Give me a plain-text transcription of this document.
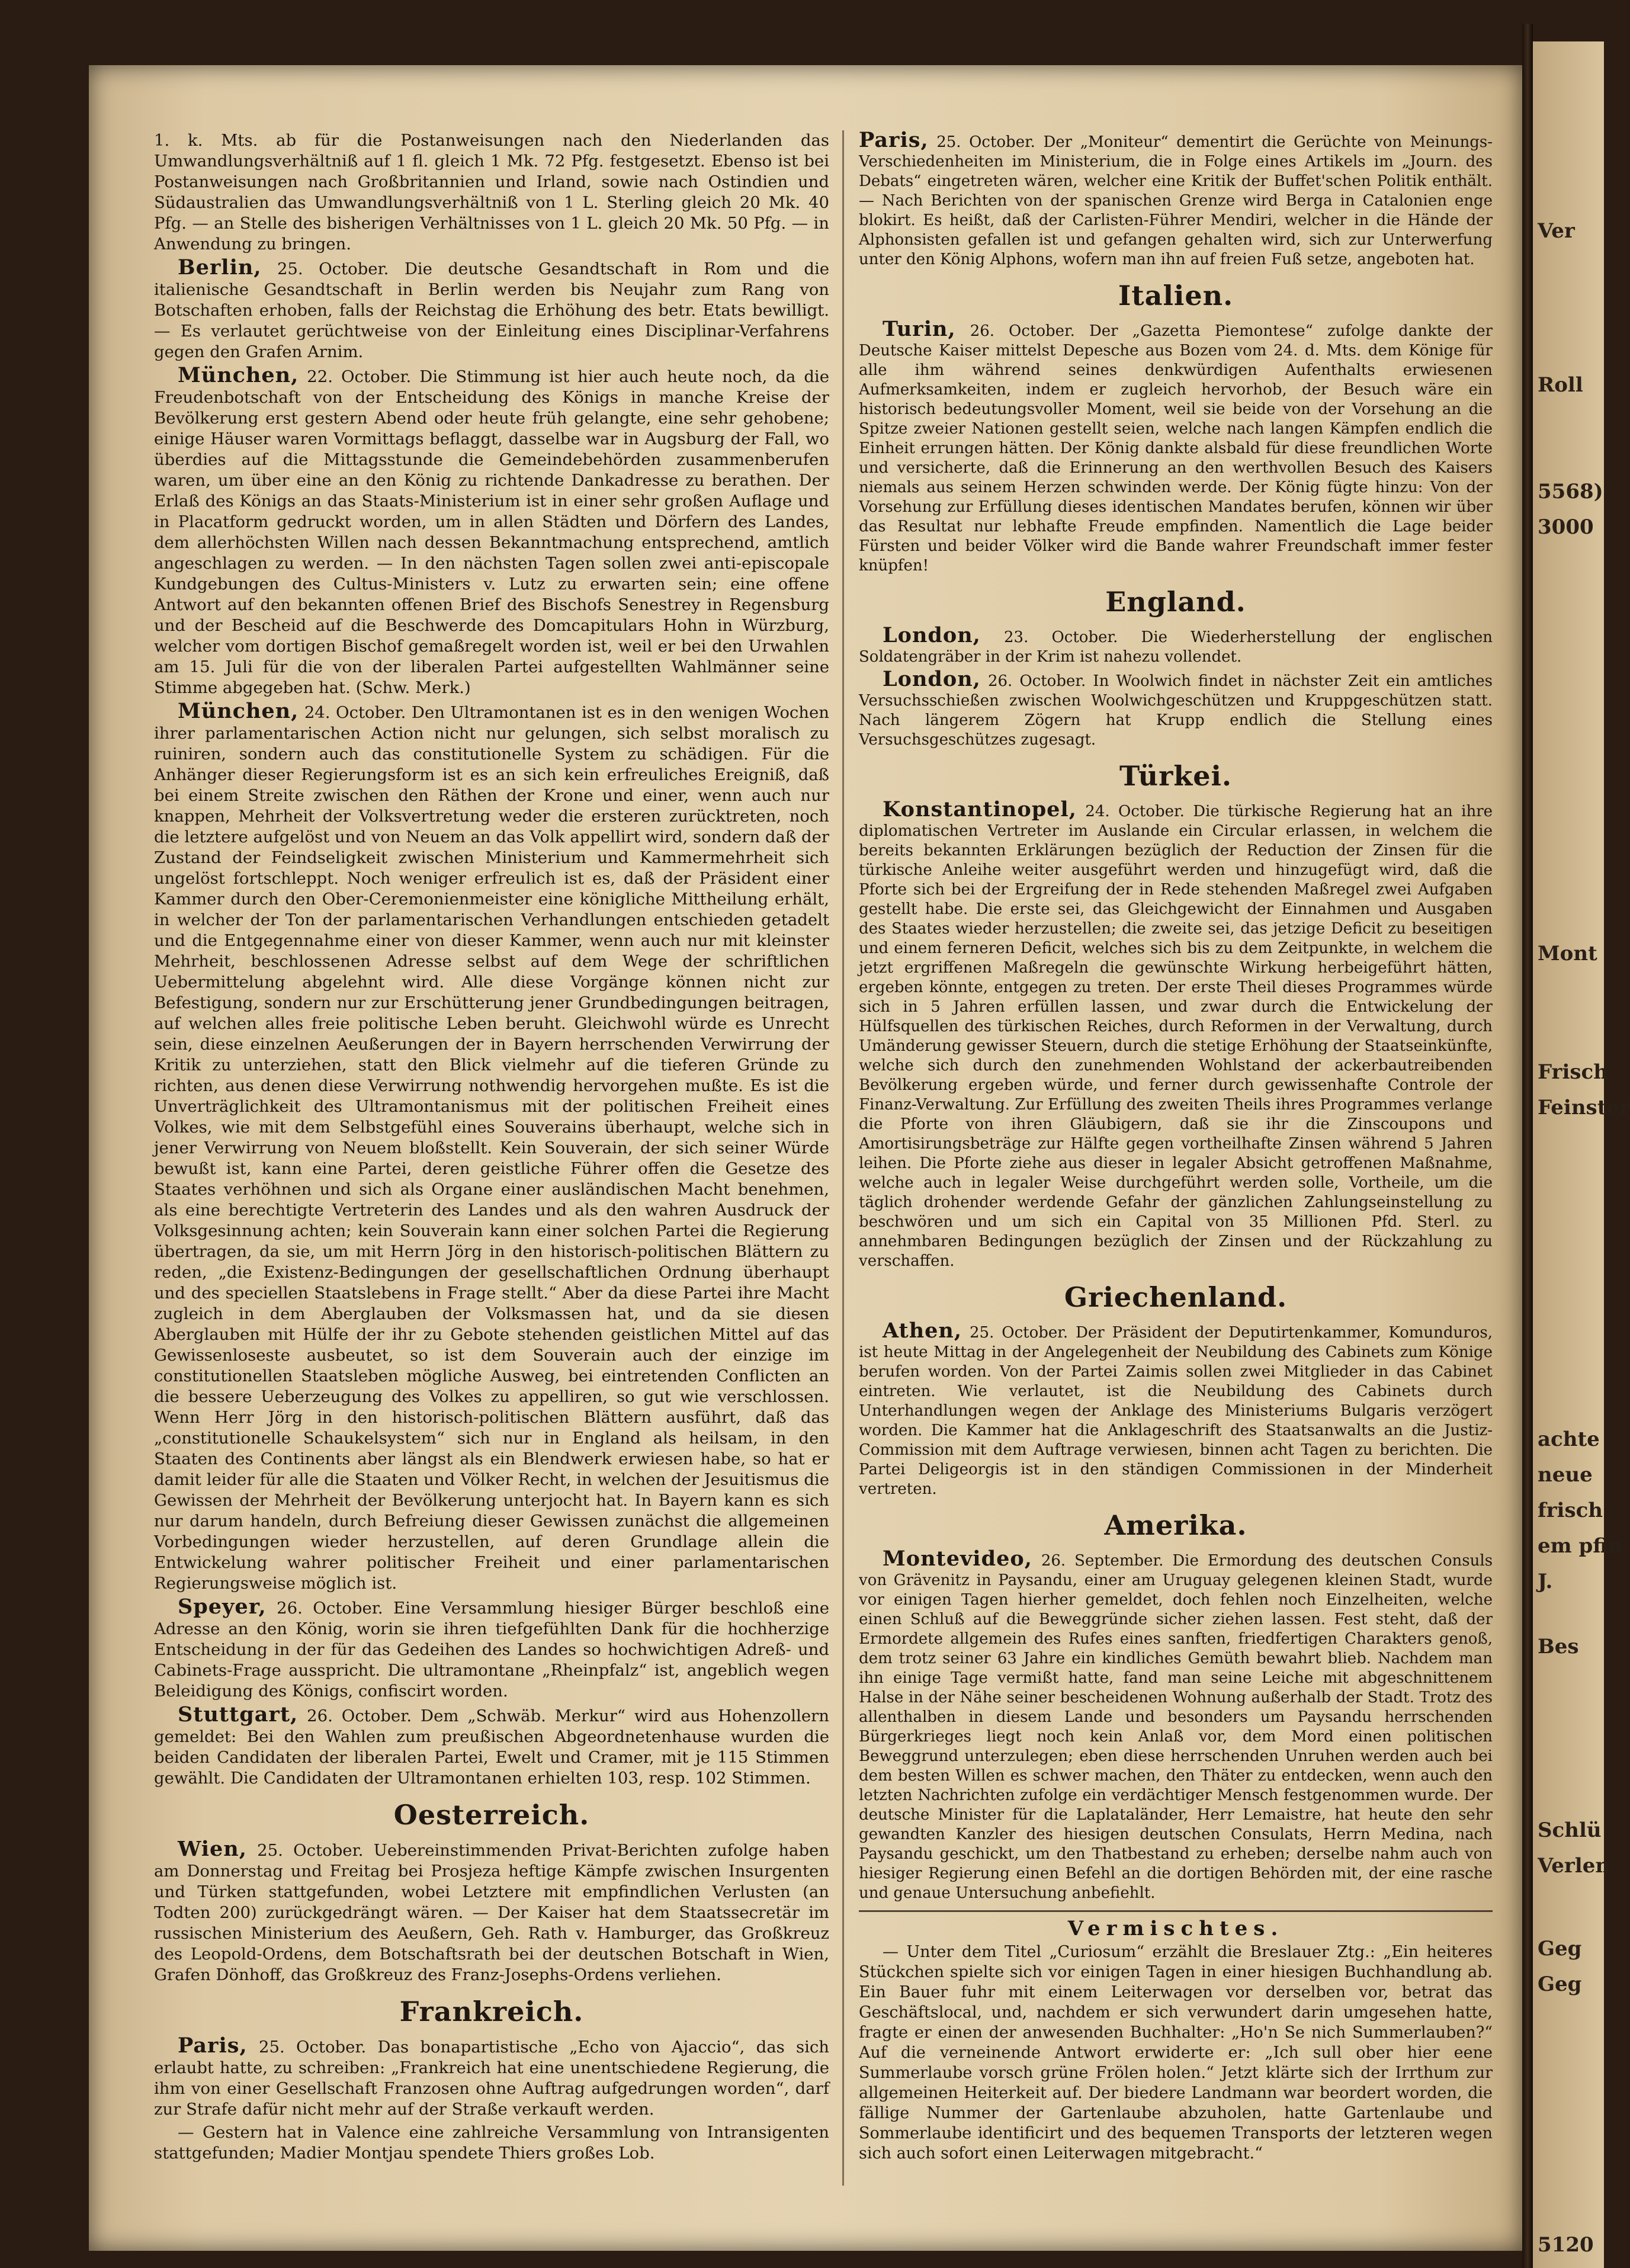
1. k. Mts. ab für die Postanweisungen nach den Niederlanden das Umwandlungsverhältniß auf 1 fl. gleich 1 Mk. 72 Pfg. festgesetzt. Ebenso ist bei Postanweisungen nach Großbritannien und Irland, sowie nach Ostindien und Südaustralien das Umwandlungsverhältniß von 1 L. Sterling gleich 20 Mk. 40 Pfg. — an Stelle des bisherigen Verhältnisses von 1 L. gleich 20 Mk. 50 Pfg. — in Anwendung zu bringen.

Berlin, 25. October. Die deutsche Gesandtschaft in Rom und die italienische Gesandtschaft in Berlin werden bis Neujahr zum Rang von Botschaften erhoben, falls der Reichstag die Erhöhung des betr. Etats bewilligt. — Es verlautet gerüchtweise von der Einleitung eines Disciplinar-Verfahrens gegen den Grafen Arnim.

München, 22. October. Die Stimmung ist hier auch heute noch, da die Freudenbotschaft von der Entscheidung des Königs in manche Kreise der Bevölkerung erst gestern Abend oder heute früh gelangte, eine sehr gehobene; einige Häuser waren Vormittags beflaggt, dasselbe war in Augsburg der Fall, wo überdies auf die Mittagsstunde die Gemeindebehörden zusammenberufen waren, um über eine an den König zu richtende Dankadresse zu berathen. Der Erlaß des Königs an das Staats-Ministerium ist in einer sehr großen Auflage und in Placatform gedruckt worden, um in allen Städten und Dörfern des Landes, dem allerhöchsten Willen nach dessen Bekanntmachung entsprechend, amtlich angeschlagen zu werden. — In den nächsten Tagen sollen zwei anti-episcopale Kundgebungen des Cultus-Ministers v. Lutz zu erwarten sein; eine offene Antwort auf den bekannten offenen Brief des Bischofs Senestrey in Regensburg und der Bescheid auf die Beschwerde des Domcapitulars Hohn in Würzburg, welcher vom dortigen Bischof gemaßregelt worden ist, weil er bei den Urwahlen am 15. Juli für die von der liberalen Partei aufgestellten Wahlmänner seine Stimme abgegeben hat. (Schw. Merk.)

München, 24. October. Den Ultramontanen ist es in den wenigen Wochen ihrer parlamentarischen Action nicht nur gelungen, sich selbst moralisch zu ruiniren, sondern auch das constitutionelle System zu schädigen. Für die Anhänger dieser Regierungsform ist es an sich kein erfreuliches Ereigniß, daß bei einem Streite zwischen den Räthen der Krone und einer, wenn auch nur knappen, Mehrheit der Volksvertretung weder die ersteren zurücktreten, noch die letztere aufgelöst und von Neuem an das Volk appellirt wird, sondern daß der Zustand der Feindseligkeit zwischen Ministerium und Kammermehrheit sich ungelöst fortschleppt. Noch weniger erfreulich ist es, daß der Präsident einer Kammer durch den Ober-Ceremonienmeister eine königliche Mittheilung erhält, in welcher der Ton der parlamentarischen Verhandlungen entschieden getadelt und die Entgegennahme einer von dieser Kammer, wenn auch nur mit kleinster Mehrheit, beschlossenen Adresse selbst auf dem Wege der schriftlichen Uebermittelung abgelehnt wird. Alle diese Vorgänge können nicht zur Befestigung, sondern nur zur Erschütterung jener Grundbedingungen beitragen, auf welchen alles freie politische Leben beruht. Gleichwohl würde es Unrecht sein, diese einzelnen Aeußerungen der in Bayern herrschenden Verwirrung der Kritik zu unterziehen, statt den Blick vielmehr auf die tieferen Gründe zu richten, aus denen diese Verwirrung nothwendig hervorgehen mußte. Es ist die Unverträglichkeit des Ultramontanismus mit der politischen Freiheit eines Volkes, wie mit dem Selbstgefühl eines Souverains überhaupt, welche sich in jener Verwirrung von Neuem bloßstellt. Kein Souverain, der sich seiner Würde bewußt ist, kann eine Partei, deren geistliche Führer offen die Gesetze des Staates verhöhnen und sich als Organe einer ausländischen Macht benehmen, als eine berechtigte Vertreterin des Landes und als den wahren Ausdruck der Volksgesinnung achten; kein Souverain kann einer solchen Partei die Regierung übertragen, da sie, um mit Herrn Jörg in den historisch-politischen Blättern zu reden, „die Existenz-Bedingungen der gesellschaftlichen Ordnung überhaupt und des speciellen Staatslebens in Frage stellt.“ Aber da diese Partei ihre Macht zugleich in dem Aberglauben der Volksmassen hat, und da sie diesen Aberglauben mit Hülfe der ihr zu Gebote stehenden geistlichen Mittel auf das Gewissenloseste ausbeutet, so ist dem Souverain auch der einzige im constitutionellen Staatsleben mögliche Ausweg, bei eintretenden Conflicten an die bessere Ueberzeugung des Volkes zu appelliren, so gut wie verschlossen. Wenn Herr Jörg in den historisch-politischen Blättern ausführt, daß das „constitutionelle Schaukelsystem“ sich nur in England als heilsam, in den Staaten des Continents aber längst als ein Blendwerk erwiesen habe, so hat er damit leider für alle die Staaten und Völker Recht, in welchen der Jesuitismus die Gewissen der Mehrheit der Bevölkerung unterjocht hat. In Bayern kann es sich nur darum handeln, durch Befreiung dieser Gewissen zunächst die allgemeinen Vorbedingungen wieder herzustellen, auf deren Grundlage allein die Entwickelung wahrer politischer Freiheit und einer parlamentarischen Regierungsweise möglich ist.

Speyer, 26. October. Eine Versammlung hiesiger Bürger beschloß eine Adresse an den König, worin sie ihren tiefgefühlten Dank für die hochherzige Entscheidung in der für das Gedeihen des Landes so hochwichtigen Adreß- und Cabinets-Frage ausspricht. Die ultramontane „Rheinpfalz“ ist, angeblich wegen Beleidigung des Königs, confiscirt worden.

Stuttgart, 26. October. Dem „Schwäb. Merkur“ wird aus Hohenzollern gemeldet: Bei den Wahlen zum preußischen Abgeordnetenhause wurden die beiden Candidaten der liberalen Partei, Ewelt und Cramer, mit je 115 Stimmen gewählt. Die Candidaten der Ultramontanen erhielten 103, resp. 102 Stimmen.

Oesterreich.

Wien, 25. October. Uebereinstimmenden Privat-Berichten zufolge haben am Donnerstag und Freitag bei Prosjeza heftige Kämpfe zwischen Insurgenten und Türken stattgefunden, wobei Letztere mit empfindlichen Verlusten (an Todten 200) zurückgedrängt wären. — Der Kaiser hat dem Staatssecretär im russischen Ministerium des Aeußern, Geh. Rath v. Hamburger, das Großkreuz des Leopold-Ordens, dem Botschaftsrath bei der deutschen Botschaft in Wien, Grafen Dönhoff, das Großkreuz des Franz-Josephs-Ordens verliehen.

Frankreich.

Paris, 25. October. Das bonapartistische „Echo von Ajaccio“, das sich erlaubt hatte, zu schreiben: „Frankreich hat eine unentschiedene Regierung, die ihm von einer Gesellschaft Franzosen ohne Auftrag aufgedrungen worden“, darf zur Strafe dafür nicht mehr auf der Straße verkauft werden.

— Gestern hat in Valence eine zahlreiche Versammlung von Intransigenten stattgefunden; Madier Montjau spendete Thiers großes Lob.

Paris, 25. October. Der „Moniteur“ dementirt die Gerüchte von Meinungs-Verschiedenheiten im Ministerium, die in Folge eines Artikels im „Journ. des Debats“ eingetreten wären, welcher eine Kritik der Buffet'schen Politik enthält. — Nach Berichten von der spanischen Grenze wird Berga in Catalonien enge blokirt. Es heißt, daß der Carlisten-Führer Mendiri, welcher in die Hände der Alphonsisten gefallen ist und gefangen gehalten wird, sich zur Unterwerfung unter den König Alphons, wofern man ihn auf freien Fuß setze, angeboten hat.

Italien.

Turin, 26. October. Der „Gazetta Piemontese“ zufolge dankte der Deutsche Kaiser mittelst Depesche aus Bozen vom 24. d. Mts. dem Könige für alle ihm während seines denkwürdigen Aufenthalts erwiesenen Aufmerksamkeiten, indem er zugleich hervorhob, der Besuch wäre ein historisch bedeutungsvoller Moment, weil sie beide von der Vorsehung an die Spitze zweier Nationen gestellt seien, welche nach langen Kämpfen endlich die Einheit errungen hätten. Der König dankte alsbald für diese freundlichen Worte und versicherte, daß die Erinnerung an den werthvollen Besuch des Kaisers niemals aus seinem Herzen schwinden werde. Der König fügte hinzu: Von der Vorsehung zur Erfüllung dieses identischen Mandates berufen, können wir über das Resultat nur lebhafte Freude empfinden. Namentlich die Lage beider Fürsten und beider Völker wird die Bande wahrer Freundschaft immer fester knüpfen!

England.

London, 23. October. Die Wiederherstellung der englischen Soldatengräber in der Krim ist nahezu vollendet.

London, 26. October. In Woolwich findet in nächster Zeit ein amtliches Versuchsschießen zwischen Woolwichgeschützen und Kruppgeschützen statt. Nach längerem Zögern hat Krupp endlich die Stellung eines Versuchsgeschützes zugesagt.

Türkei.

Konstantinopel, 24. October. Die türkische Regierung hat an ihre diplomatischen Vertreter im Auslande ein Circular erlassen, in welchem die bereits bekannten Erklärungen bezüglich der Reduction der Zinsen für die türkische Anleihe weiter ausgeführt werden und hinzugefügt wird, daß die Pforte sich bei der Ergreifung der in Rede stehenden Maßregel zwei Aufgaben gestellt habe. Die erste sei, das Gleichgewicht der Einnahmen und Ausgaben des Staates wieder herzustellen; die zweite sei, das jetzige Deficit zu beseitigen und einem ferneren Deficit, welches sich bis zu dem Zeitpunkte, in welchem die jetzt ergriffenen Maßregeln die gewünschte Wirkung herbeigeführt hätten, ergeben könnte, entgegen zu treten. Der erste Theil dieses Programmes würde sich in 5 Jahren erfüllen lassen, und zwar durch die Entwickelung der Hülfsquellen des türkischen Reiches, durch Reformen in der Verwaltung, durch Umänderung gewisser Steuern, durch die stetige Erhöhung der Staatseinkünfte, welche sich durch den zunehmenden Wohlstand der ackerbautreibenden Bevölkerung ergeben würde, und ferner durch gewissenhafte Controle der Finanz-Verwaltung. Zur Erfüllung des zweiten Theils ihres Programmes verlange die Pforte von ihren Gläubigern, daß sie ihr die Zinscoupons und Amortisirungsbeträge zur Hälfte gegen vortheilhafte Zinsen während 5 Jahren leihen. Die Pforte ziehe aus dieser in legaler Absicht getroffenen Maßnahme, welche auch in legaler Weise durchgeführt werden solle, Vortheile, um die täglich drohender werdende Gefahr der gänzlichen Zahlungseinstellung zu beschwören und um sich ein Capital von 35 Millionen Pfd. Sterl. zu annehmbaren Bedingungen bezüglich der Zinsen und der Rückzahlung zu verschaffen.

Griechenland.

Athen, 25. October. Der Präsident der Deputirtenkammer, Komunduros, ist heute Mittag in der Angelegenheit der Neubildung des Cabinets zum Könige berufen worden. Von der Partei Zaimis sollen zwei Mitglieder in das Cabinet eintreten. Wie verlautet, ist die Neubildung des Cabinets durch Unterhandlungen wegen der Anklage des Ministeriums Bulgaris verzögert worden. Die Kammer hat die Anklageschrift des Staatsanwalts an die Justiz-Commission mit dem Auftrage verwiesen, binnen acht Tagen zu berichten. Die Partei Deligeorgis ist in den ständigen Commissionen in der Minderheit vertreten.

Amerika.

Montevideo, 26. September. Die Ermordung des deutschen Consuls von Grävenitz in Paysandu, einer am Uruguay gelegenen kleinen Stadt, wurde vor einigen Tagen hierher gemeldet, doch fehlen noch Einzelheiten, welche einen Schluß auf die Beweggründe sicher ziehen lassen. Fest steht, daß der Ermordete allgemein des Rufes eines sanften, friedfertigen Charakters genoß, dem trotz seiner 63 Jahre ein kindliches Gemüth bewahrt blieb. Nachdem man ihn einige Tage vermißt hatte, fand man seine Leiche mit abgeschnittenem Halse in der Nähe seiner bescheidenen Wohnung außerhalb der Stadt. Trotz des allenthalben in diesem Lande und besonders um Paysandu herrschenden Bürgerkrieges liegt noch kein Anlaß vor, dem Mord einen politischen Beweggrund unterzulegen; eben diese herrschenden Unruhen werden auch bei dem besten Willen es schwer machen, den Thäter zu entdecken, wenn auch den letzten Nachrichten zufolge ein verdächtiger Mensch festgenommen wurde. Der deutsche Minister für die Laplataländer, Herr Lemaistre, hat heute den sehr gewandten Kanzler des hiesigen deutschen Consulats, Herrn Medina, nach Paysandu geschickt, um den Thatbestand zu erheben; derselbe nahm auch von hiesiger Regierung einen Befehl an die dortigen Behörden mit, der eine rasche und genaue Untersuchung anbefiehlt.

Vermischtes.

— Unter dem Titel „Curiosum“ erzählt die Breslauer Ztg.: „Ein heiteres Stückchen spielte sich vor einigen Tagen in einer hiesigen Buchhandlung ab. Ein Bauer fuhr mit einem Leiterwagen vor derselben vor, betrat das Geschäftslocal, und, nachdem er sich verwundert darin umgesehen hatte, fragte er einen der anwesenden Buchhalter: „Ho'n Se nich Summerlauben?“ Auf die verneinende Antwort erwiderte er: „Ich sull ober hier eene Summerlaube vorsch grüne Frölen holen.“ Jetzt klärte sich der Irrthum zur allgemeinen Heiterkeit auf. Der biedere Landmann war beordert worden, die fällige Nummer der Gartenlaube abzuholen, hatte Gartenlaube und Sommerlaube identificirt und des bequemen Transports der letzteren wegen sich auch sofort einen Leiterwagen mitgebracht.“

Ver
Roll
5568)
3000
Mont
Frisch
Feinster
achte
neue
frisch
em pfin
J.
Bes
Schlü
Verlen
Geg
Geg
5120
